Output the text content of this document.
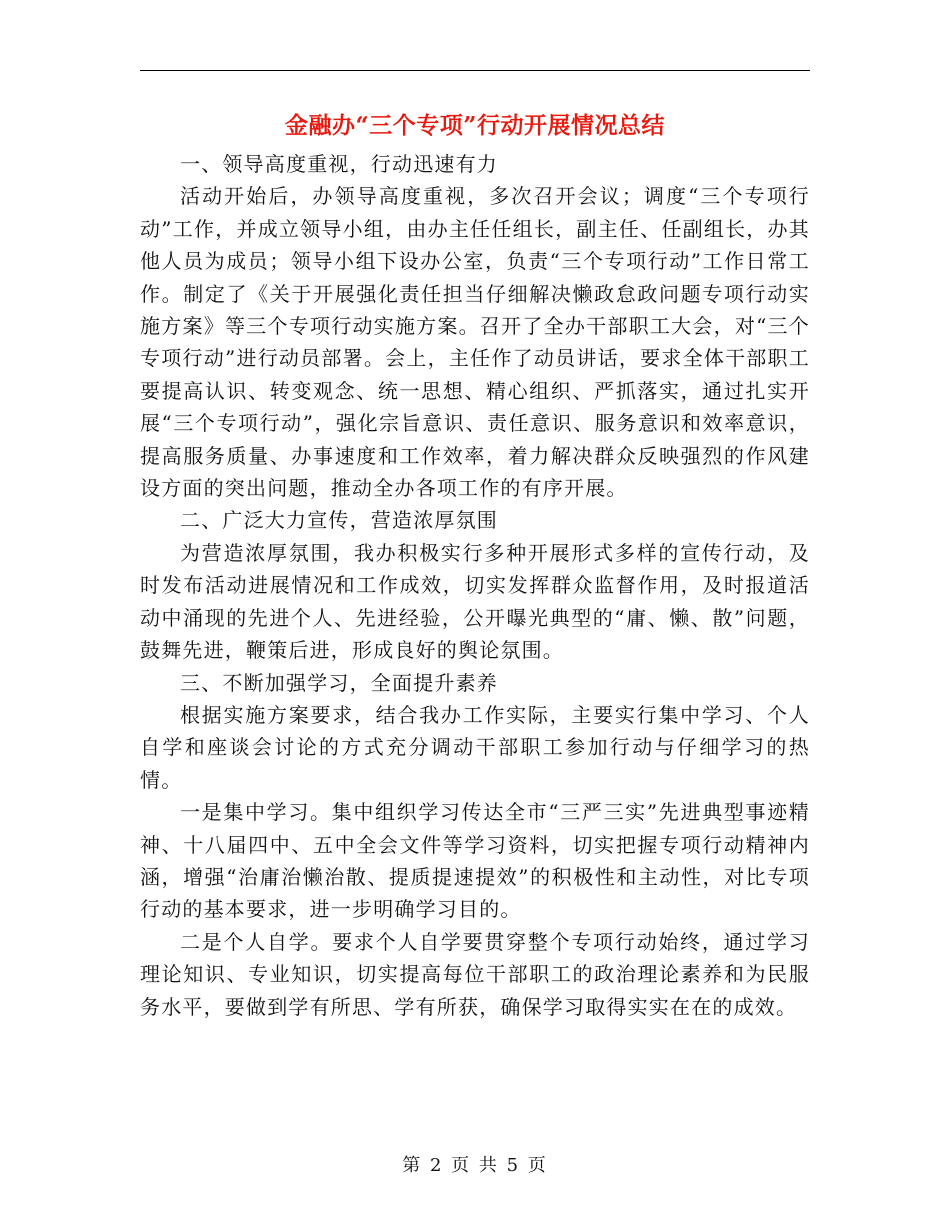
金融办“三个专项”行动开展情况总结

一、领导高度重视，行动迅速有力

活动开始后，办领导高度重视，多次召开会议；调度“三个专项行动”工作，并成立领导小组，由办主任任组长，副主任、任副组长，办其他人员为成员；领导小组下设办公室，负责“三个专项行动”工作日常工作。制定了《关于开展强化责任担当仔细解决懒政怠政问题专项行动实施方案》等三个专项行动实施方案。召开了全办干部职工大会，对“三个专项行动”进行动员部署。会上，主任作了动员讲话，要求全体干部职工要提高认识、转变观念、统一思想、精心组织、严抓落实，通过扎实开展“三个专项行动”，强化宗旨意识、责任意识、服务意识和效率意识，提高服务质量、办事速度和工作效率，着力解决群众反映强烈的作风建设方面的突出问题，推动全办各项工作的有序开展。

二、广泛大力宣传，营造浓厚氛围

为营造浓厚氛围，我办积极实行多种开展形式多样的宣传行动，及时发布活动进展情况和工作成效，切实发挥群众监督作用，及时报道活动中涌现的先进个人、先进经验，公开曝光典型的“庸、懒、散”问题，鼓舞先进，鞭策后进，形成良好的舆论氛围。

三、不断加强学习，全面提升素养

根据实施方案要求，结合我办工作实际，主要实行集中学习、个人自学和座谈会讨论的方式充分调动干部职工参加行动与仔细学习的热情。

一是集中学习。集中组织学习传达全市“三严三实”先进典型事迹精神、十八届四中、五中全会文件等学习资料，切实把握专项行动精神内涵，增强“治庸治懒治散、提质提速提效”的积极性和主动性，对比专项行动的基本要求，进一步明确学习目的。

二是个人自学。要求个人自学要贯穿整个专项行动始终，通过学习理论知识、专业知识，切实提高每位干部职工的政治理论素养和为民服务水平，要做到学有所思、学有所获，确保学习取得实实在在的成效。

第 2 页 共 5 页
